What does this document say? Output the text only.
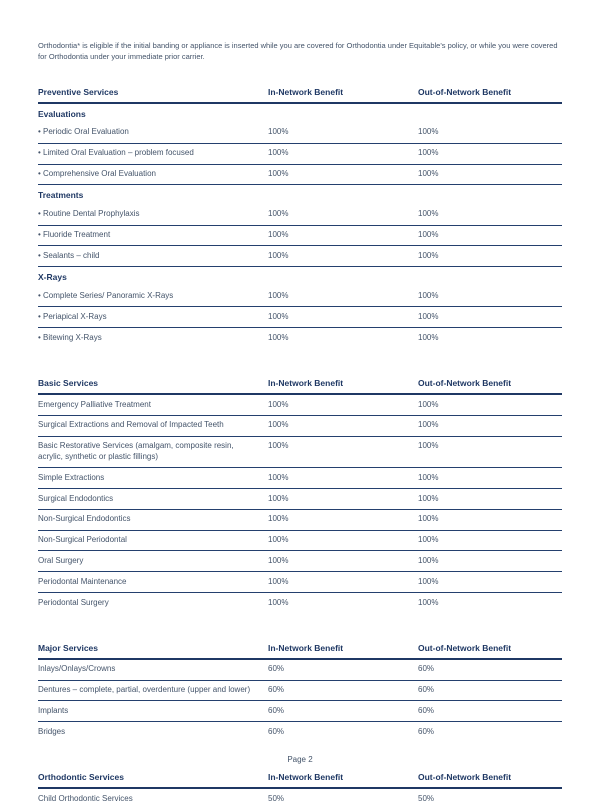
Orthodontia* is eligible if the initial banding or appliance is inserted while you are covered for Orthodontia under Equitable's policy, or while you were covered for Orthodontia under your immediate prior carrier.

Preventive Services	In-Network Benefit	Out-of-Network Benefit
Evaluations		
• Periodic Oral Evaluation	100%	100%
• Limited Oral Evaluation – problem focused	100%	100%
• Comprehensive Oral Evaluation	100%	100%
Treatments		
• Routine Dental Prophylaxis	100%	100%
• Fluoride Treatment	100%	100%
• Sealants – child	100%	100%
X-Rays		
• Complete Series/ Panoramic X-Rays	100%	100%
• Periapical X-Rays	100%	100%
• Bitewing X-Rays	100%	100%
Basic Services	In-Network Benefit	Out-of-Network Benefit
Emergency Palliative Treatment	100%	100%
Surgical Extractions and Removal of Impacted Teeth	100%	100%
Basic Restorative Services (amalgam, composite resin, acrylic, synthetic or plastic fillings)	100%	100%
Simple Extractions	100%	100%
Surgical Endodontics	100%	100%
Non-Surgical Endodontics	100%	100%
Non-Surgical Periodontal	100%	100%
Oral Surgery	100%	100%
Periodontal Maintenance	100%	100%
Periodontal Surgery	100%	100%
Major Services	In-Network Benefit	Out-of-Network Benefit
Inlays/Onlays/Crowns	60%	60%
Dentures – complete, partial, overdenture (upper and lower)	60%	60%
Implants	60%	60%
Bridges	60%	60%
Orthodontic Services	In-Network Benefit	Out-of-Network Benefit
Child Orthodontic Services	50%	50%
Page 2
